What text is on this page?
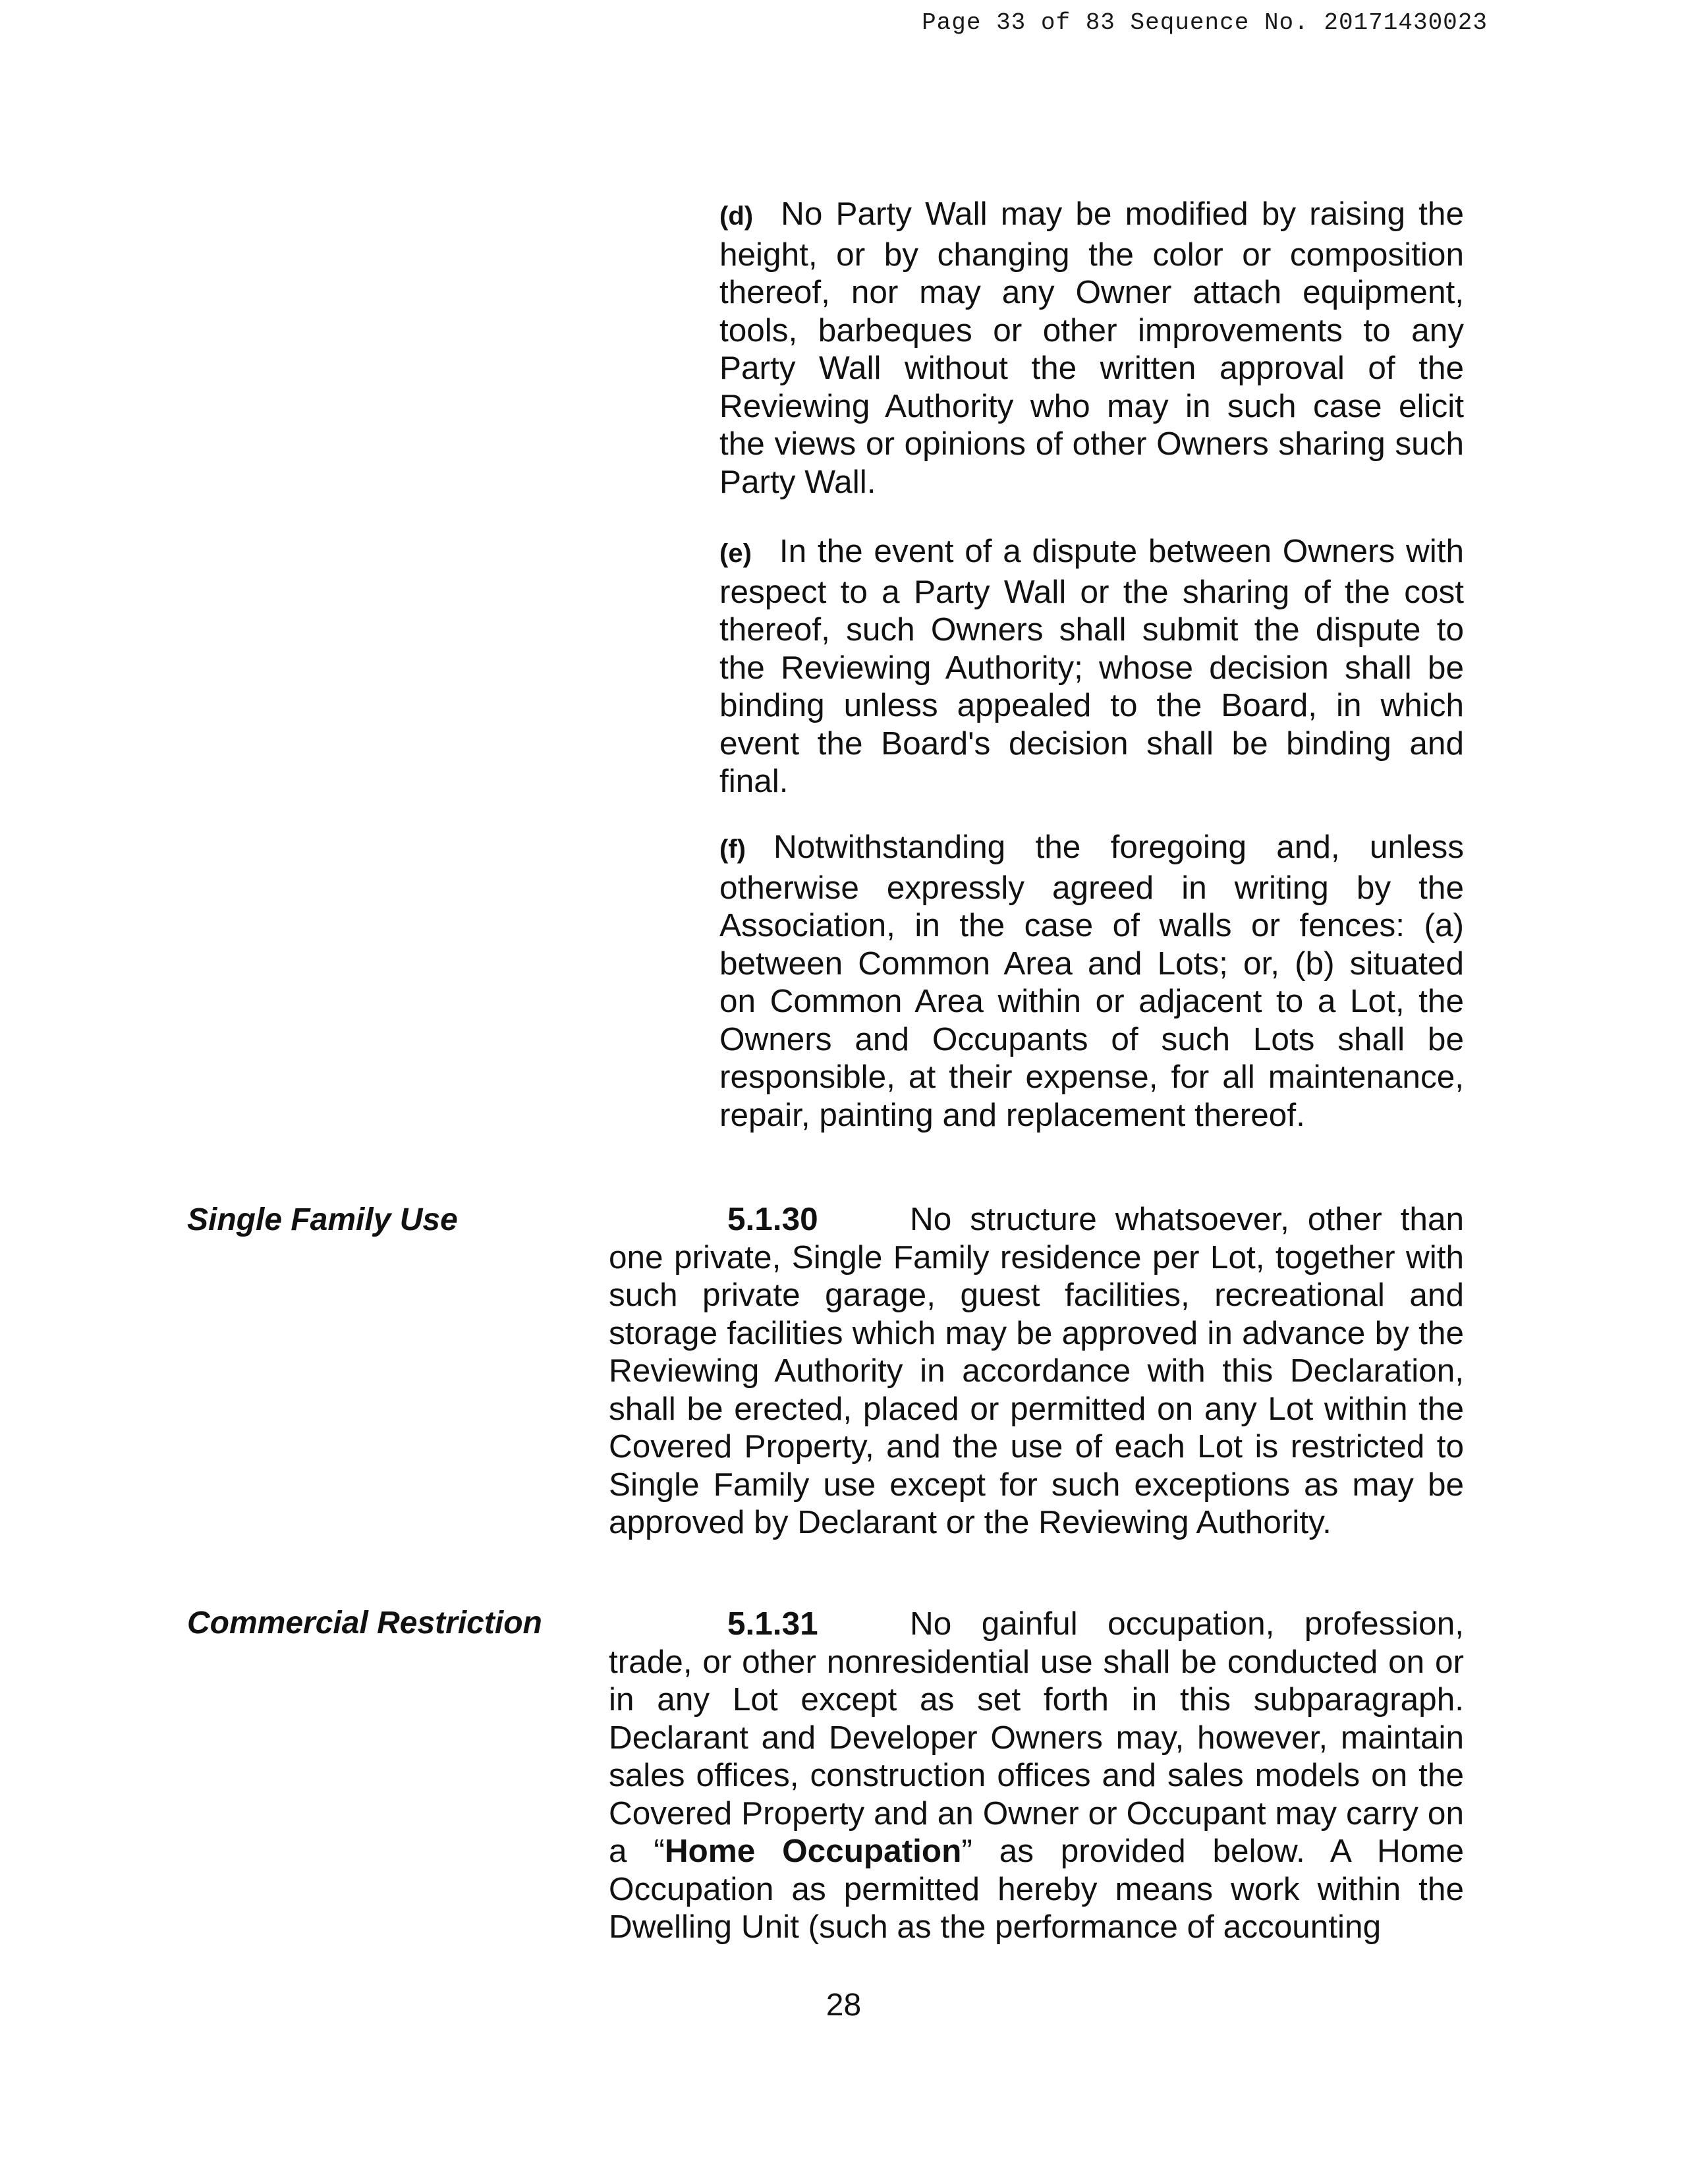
Page 33 of 83 Sequence No. 20171430023
(d) No Party Wall may be modified by raising the height, or by changing the color or composition thereof, nor may any Owner attach equipment, tools, barbeques or other improvements to any Party Wall without the written approval of the Reviewing Authority who may in such case elicit the views or opinions of other Owners sharing such Party Wall.
(e) In the event of a dispute between Owners with respect to a Party Wall or the sharing of the cost thereof, such Owners shall submit the dispute to the Reviewing Authority; whose decision shall be binding unless appealed to the Board, in which event the Board's decision shall be binding and final.
(f) Notwithstanding the foregoing and, unless otherwise expressly agreed in writing by the Association, in the case of walls or fences: (a) between Common Area and Lots; or, (b) situated on Common Area within or adjacent to a Lot, the Owners and Occupants of such Lots shall be responsible, at their expense, for all maintenance, repair, painting and replacement thereof.
Single Family Use	5.1.30	No structure whatsoever, other than one private, Single Family residence per Lot, together with such private garage, guest facilities, recreational and storage facilities which may be approved in advance by the Reviewing Authority in accordance with this Declaration, shall be erected, placed or permitted on any Lot within the Covered Property, and the use of each Lot is restricted to Single Family use except for such exceptions as may be approved by Declarant or the Reviewing Authority.
Commercial Restriction	5.1.31	No gainful occupation, profession, trade, or other nonresidential use shall be conducted on or in any Lot except as set forth in this subparagraph. Declarant and Developer Owners may, however, maintain sales offices, construction offices and sales models on the Covered Property and an Owner or Occupant may carry on a “Home Occupation” as provided below. A Home Occupation as permitted hereby means work within the Dwelling Unit (such as the performance of accounting
28
